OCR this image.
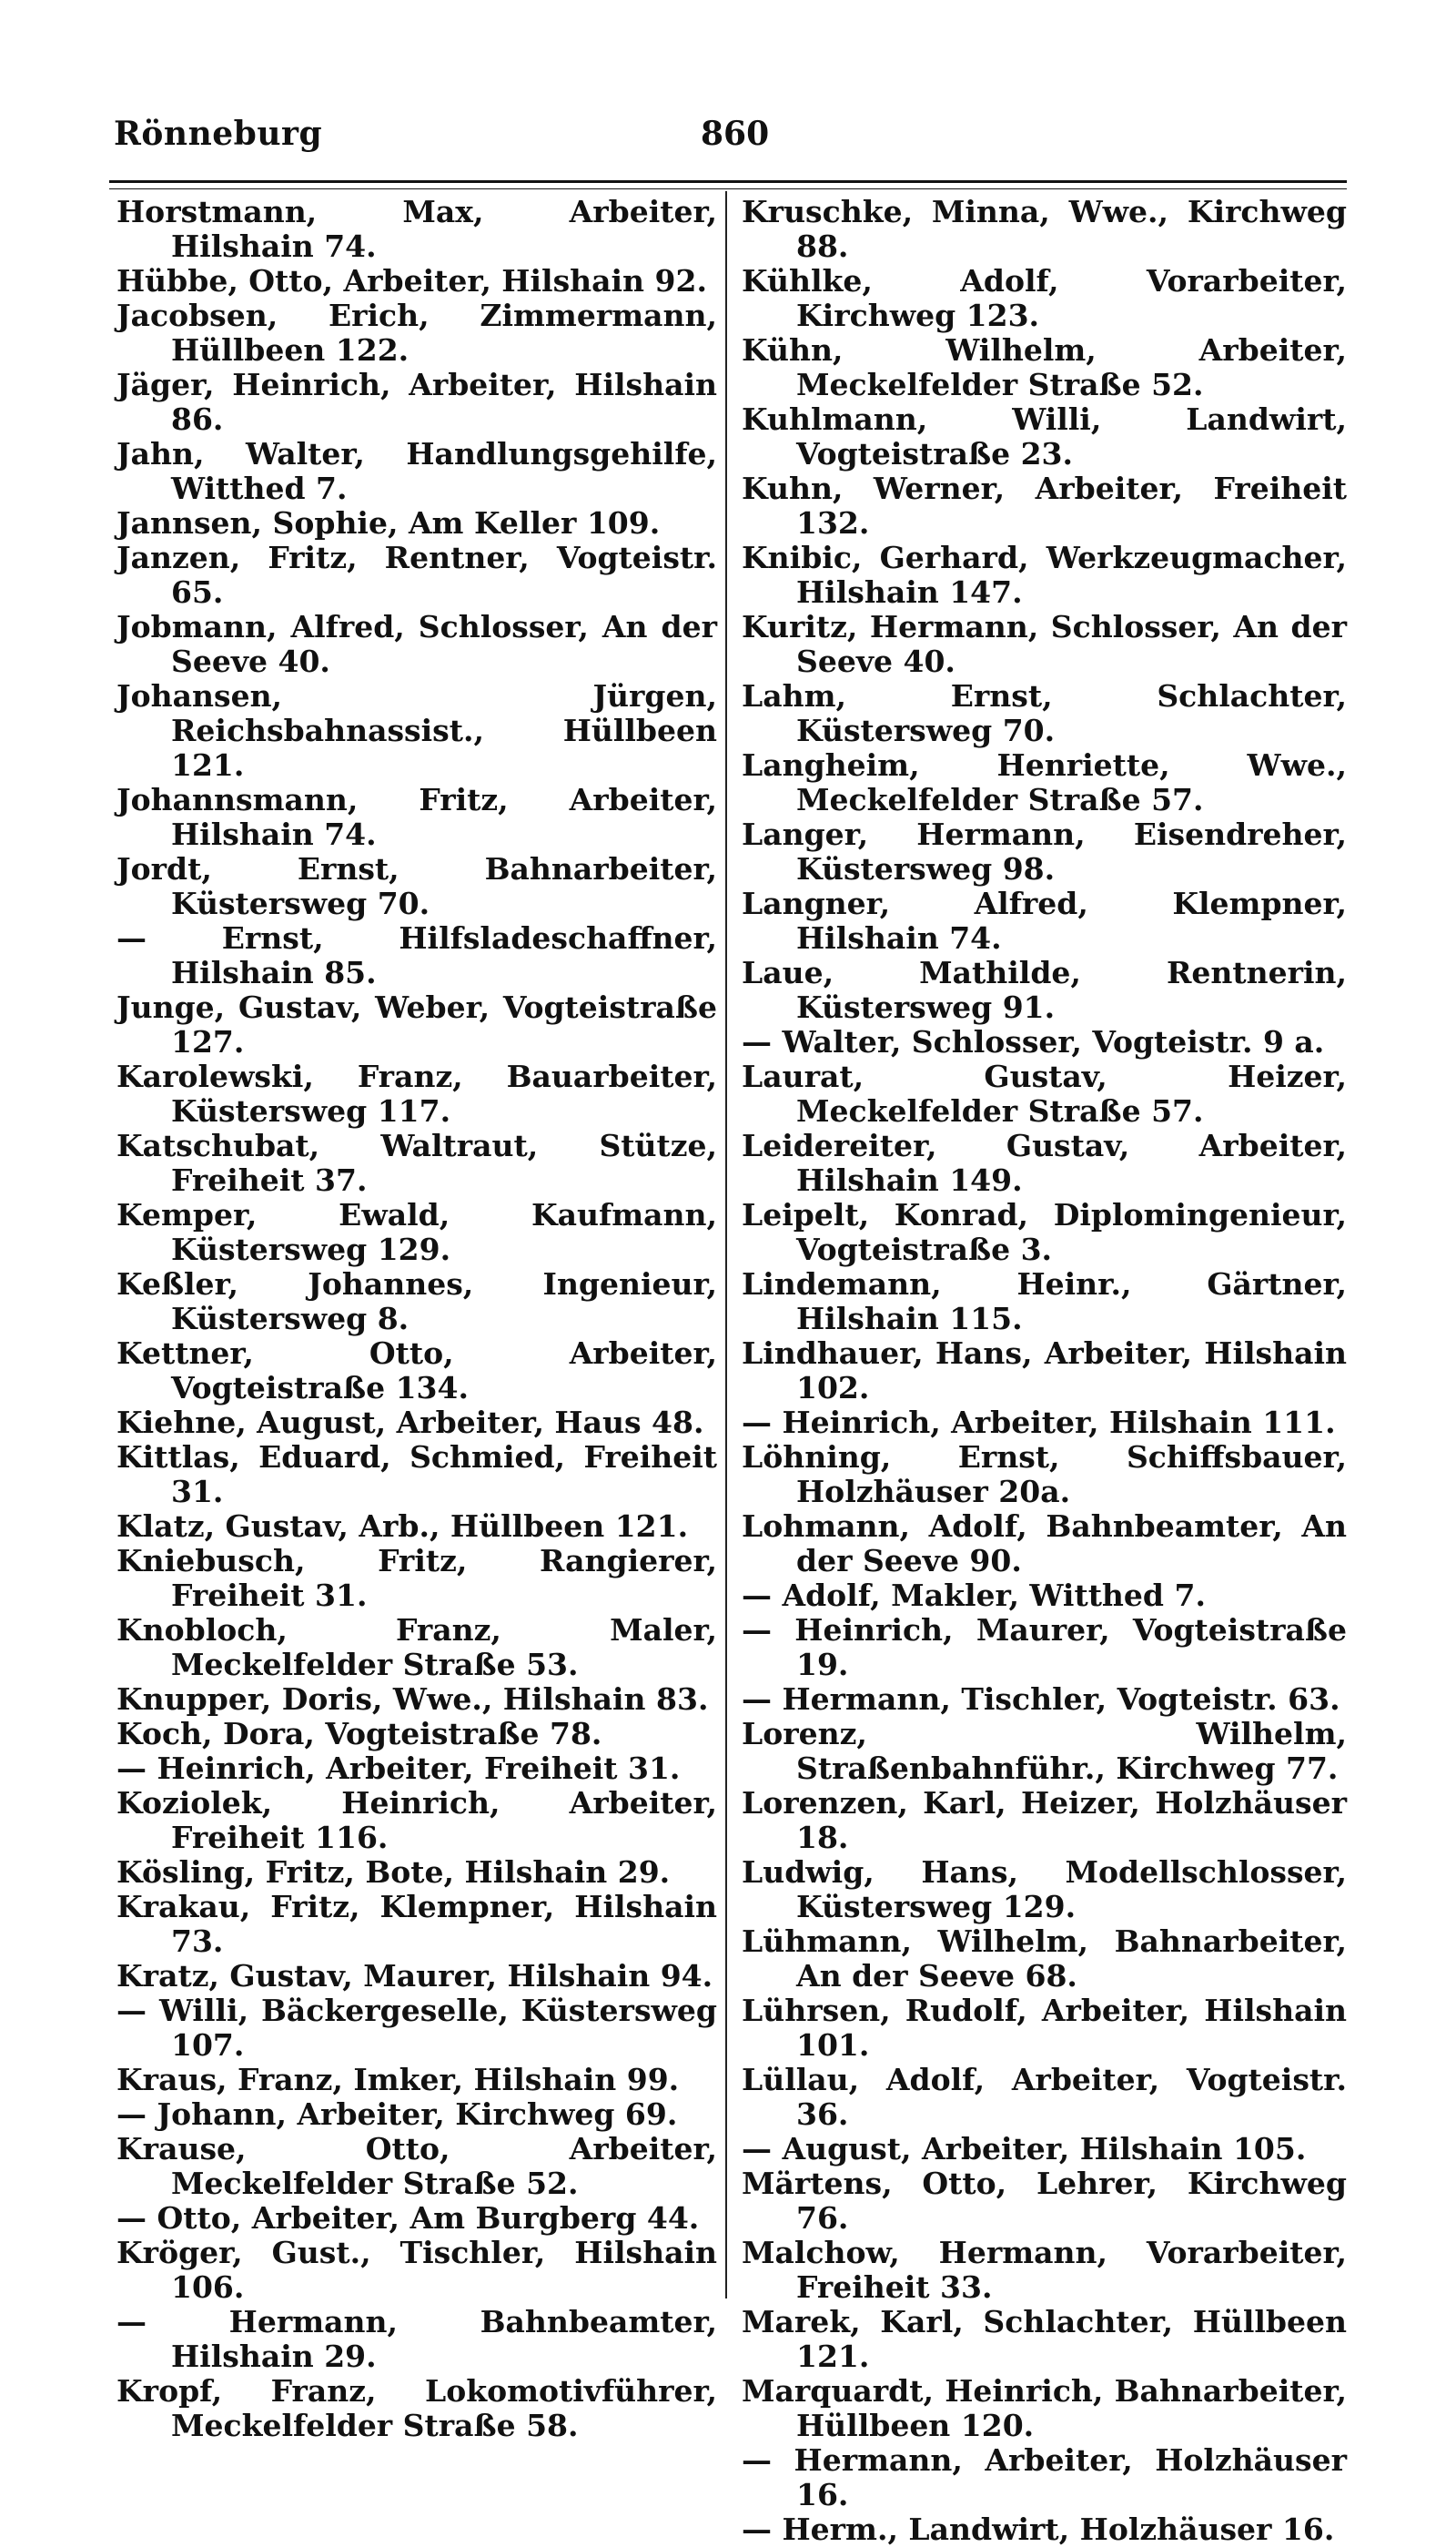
Rönneburg	860
Horstmann, Max, Arbeiter, Hilshain 74.
Hübbe, Otto, Arbeiter, Hilshain 92.
Jacobsen, Erich, Zimmermann, Hüllbeen 122.
Jäger, Heinrich, Arbeiter, Hilshain 86.
Jahn, Walter, Handlungsgehilfe, Witthed 7.
Jannsen, Sophie, Am Keller 109.
Janzen, Fritz, Rentner, Vogteistr. 65.
Jobmann, Alfred, Schlosser, An der Seeve 40.
Johansen, Jürgen, Reichsbahnassist., Hüllbeen 121.
Johannsmann, Fritz, Arbeiter, Hilshain 74.
Jordt, Ernst, Bahnarbeiter, Küstersweg 70.
— Ernst, Hilfsladeschaffner, Hilshain 85.
Junge, Gustav, Weber, Vogteistraße 127.
Karolewski, Franz, Bauarbeiter, Küstersweg 117.
Katschubat, Waltraut, Stütze, Freiheit 37.
Kemper, Ewald, Kaufmann, Küstersweg 129.
Keßler, Johannes, Ingenieur, Küstersweg 8.
Kettner, Otto, Arbeiter, Vogteistraße 134.
Kiehne, August, Arbeiter, Haus 48.
Kittlas, Eduard, Schmied, Freiheit 31.
Klatz, Gustav, Arb., Hüllbeen 121.
Kniebusch, Fritz, Rangierer, Freiheit 31.
Knobloch, Franz, Maler, Meckelfelder Straße 53.
Knupper, Doris, Wwe., Hilshain 83.
Koch, Dora, Vogteistraße 78.
— Heinrich, Arbeiter, Freiheit 31.
Koziolek, Heinrich, Arbeiter, Freiheit 116.
Kösling, Fritz, Bote, Hilshain 29.
Krakau, Fritz, Klempner, Hilshain 73.
Kratz, Gustav, Maurer, Hilshain 94.
— Willi, Bäckergeselle, Küstersweg 107.
Kraus, Franz, Imker, Hilshain 99.
— Johann, Arbeiter, Kirchweg 69.
Krause, Otto, Arbeiter, Meckelfelder Straße 52.
— Otto, Arbeiter, Am Burgberg 44.
Kröger, Gust., Tischler, Hilshain 106.
— Hermann, Bahnbeamter, Hilshain 29.
Kropf, Franz, Lokomotivführer, Meckelfelder Straße 58.
Kruschke, Minna, Wwe., Kirchweg 88.
Kühlke, Adolf, Vorarbeiter, Kirchweg 123.
Kühn, Wilhelm, Arbeiter, Meckelfelder Straße 52.
Kuhlmann, Willi, Landwirt, Vogteistraße 23.
Kuhn, Werner, Arbeiter, Freiheit 132.
Knibic, Gerhard, Werkzeugmacher, Hilshain 147.
Kuritz, Hermann, Schlosser, An der Seeve 40.
Lahm, Ernst, Schlachter, Küstersweg 70.
Langheim, Henriette, Wwe., Meckelfelder Straße 57.
Langer, Hermann, Eisendreher, Küstersweg 98.
Langner, Alfred, Klempner, Hilshain 74.
Laue, Mathilde, Rentnerin, Küstersweg 91.
— Walter, Schlosser, Vogteistr. 9 a.
Laurat, Gustav, Heizer, Meckelfelder Straße 57.
Leidereiter, Gustav, Arbeiter, Hilshain 149.
Leipelt, Konrad, Diplomingenieur, Vogteistraße 3.
Lindemann, Heinr., Gärtner, Hilshain 115.
Lindhauer, Hans, Arbeiter, Hilshain 102.
— Heinrich, Arbeiter, Hilshain 111.
Löhning, Ernst, Schiffsbauer, Holzhäuser 20a.
Lohmann, Adolf, Bahnbeamter, An der Seeve 90.
— Adolf, Makler, Witthed 7.
— Heinrich, Maurer, Vogteistraße 19.
— Hermann, Tischler, Vogteistr. 63.
Lorenz, Wilhelm, Straßenbahnführ., Kirchweg 77.
Lorenzen, Karl, Heizer, Holzhäuser 18.
Ludwig, Hans, Modellschlosser, Küstersweg 129.
Lühmann, Wilhelm, Bahnarbeiter, An der Seeve 68.
Lührsen, Rudolf, Arbeiter, Hilshain 101.
Lüllau, Adolf, Arbeiter, Vogteistr. 36.
— August, Arbeiter, Hilshain 105.
Märtens, Otto, Lehrer, Kirchweg 76.
Malchow, Hermann, Vorarbeiter, Freiheit 33.
Marek, Karl, Schlachter, Hüllbeen 121.
Marquardt, Heinrich, Bahnarbeiter, Hüllbeen 120.
— Hermann, Arbeiter, Holzhäuser 16.
— Herm., Landwirt, Holzhäuser 16.
